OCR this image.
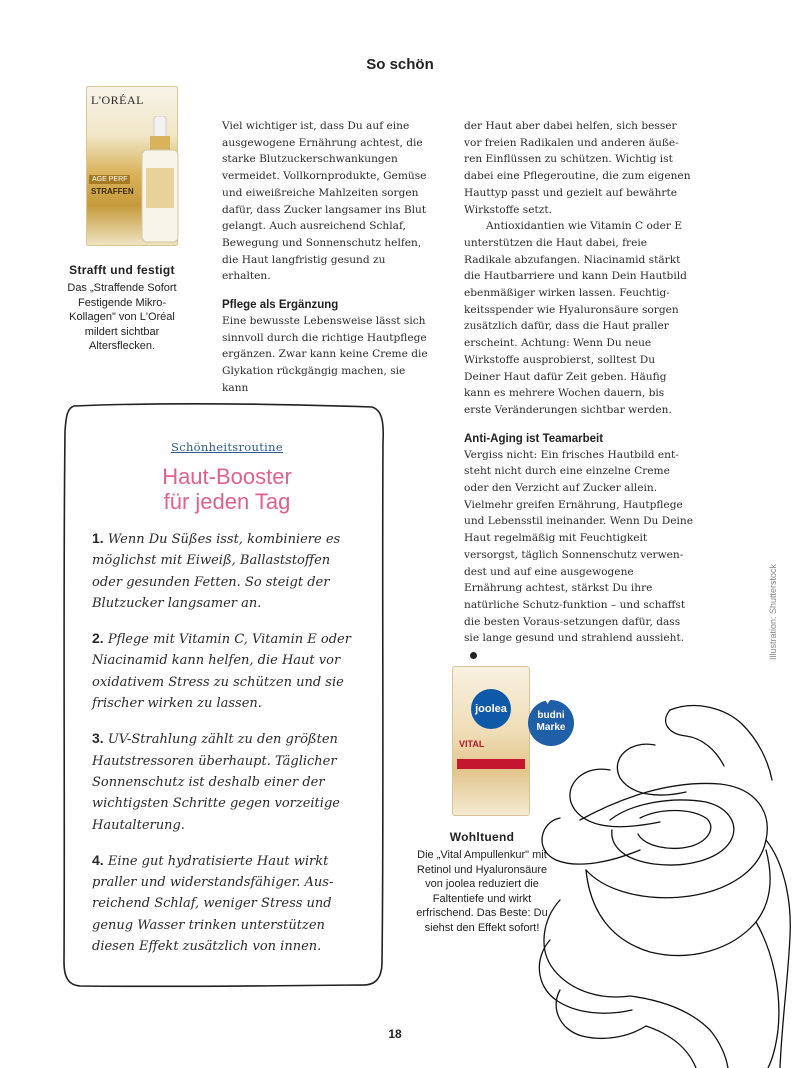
So schön
L'ORÉAL
AGE PERF
STRAFFEN
Strafft und festigt
Das „Straffende Sofort Festigende Mikro-Kollagen" von L'Oréal mildert sichtbar Altersflecken.

Viel wichtiger ist, dass Du auf eine ausgewogene Ernährung achtest, die starke Blutzuckerschwankungen vermeidet. Vollkornprodukte, Gemüse und eiweißreiche Mahlzeiten sorgen dafür, dass Zucker langsamer ins Blut gelangt. Auch ausreichend Schlaf, Bewegung und Sonnenschutz helfen, die Haut langfristig gesund zu erhalten.

Pflege als Ergänzung

Eine bewusste Lebensweise lässt sich sinnvoll durch die richtige Hautpflege ergänzen. Zwar kann keine Creme die Glykation rückgängig machen, sie kann

der Haut aber dabei helfen, sich besser vor freien Radikalen und anderen äuße-ren Einflüssen zu schützen. Wichtig ist dabei eine Pflegeroutine, die zum eigenen Hauttyp passt und gezielt auf bewährte Wirkstoffe setzt.

Antioxidantien wie Vitamin C oder E unterstützen die Haut dabei, freie Radikale abzufangen. Niacinamid stärkt die Hautbarriere und kann Dein Hautbild ebenmäßiger wirken lassen. Feuchtig-keitsspender wie Hyaluronsäure sorgen zusätzlich dafür, dass die Haut praller erscheint. Achtung: Wenn Du neue Wirkstoffe ausprobierst, solltest Du Deiner Haut dafür Zeit geben. Häufig kann es mehrere Wochen dauern, bis erste Veränderungen sichtbar werden.

Anti-Aging ist Teamarbeit

Vergiss nicht: Ein frisches Hautbild ent-steht nicht durch eine einzelne Creme oder den Verzicht auf Zucker allein. Vielmehr greifen Ernährung, Hautpflege und Lebensstil ineinander. Wenn Du Deine Haut regelmäßig mit Feuchtigkeit versorgst, täglich Sonnenschutz verwen-dest und auf eine ausgewogene Ernährung achtest, stärkst Du ihre natürliche Schutz-funktion – und schaffst die besten Voraus-setzungen dafür, dass sie lange gesund und strahlend aussieht.

Schönheitsroutine
Haut-Booster
für jeden Tag
1. Wenn Du Süßes isst, kombiniere es möglichst mit Eiweiß, Ballaststoffen oder gesunden Fetten. So steigt der Blutzucker langsamer an.
2. Pflege mit Vitamin C, Vitamin E oder Niacinamid kann helfen, die Haut vor oxidativem Stress zu schützen und sie frischer wirken zu lassen.
3. UV-Strahlung zählt zu den größten Hautstressoren überhaupt. Täglicher Sonnenschutz ist deshalb einer der wichtigsten Schritte gegen vorzeitige Hautalterung.
4. Eine gut hydratisierte Haut wirkt praller und widerstandsfähiger. Aus-reichend Schlaf, weniger Stress und genug Wasser trinken unterstützen diesen Effekt zusätzlich von innen.
joolea
VITAL
♥
budni Marke
Wohltuend
Die „Vital Ampullenkur" mit Retinol und Hyaluronsäure von joolea reduziert die Faltentiefe und wirkt erfrischend. Das Beste: Du siehst den Effekt sofort!
Illustration: Shutterstock
18
